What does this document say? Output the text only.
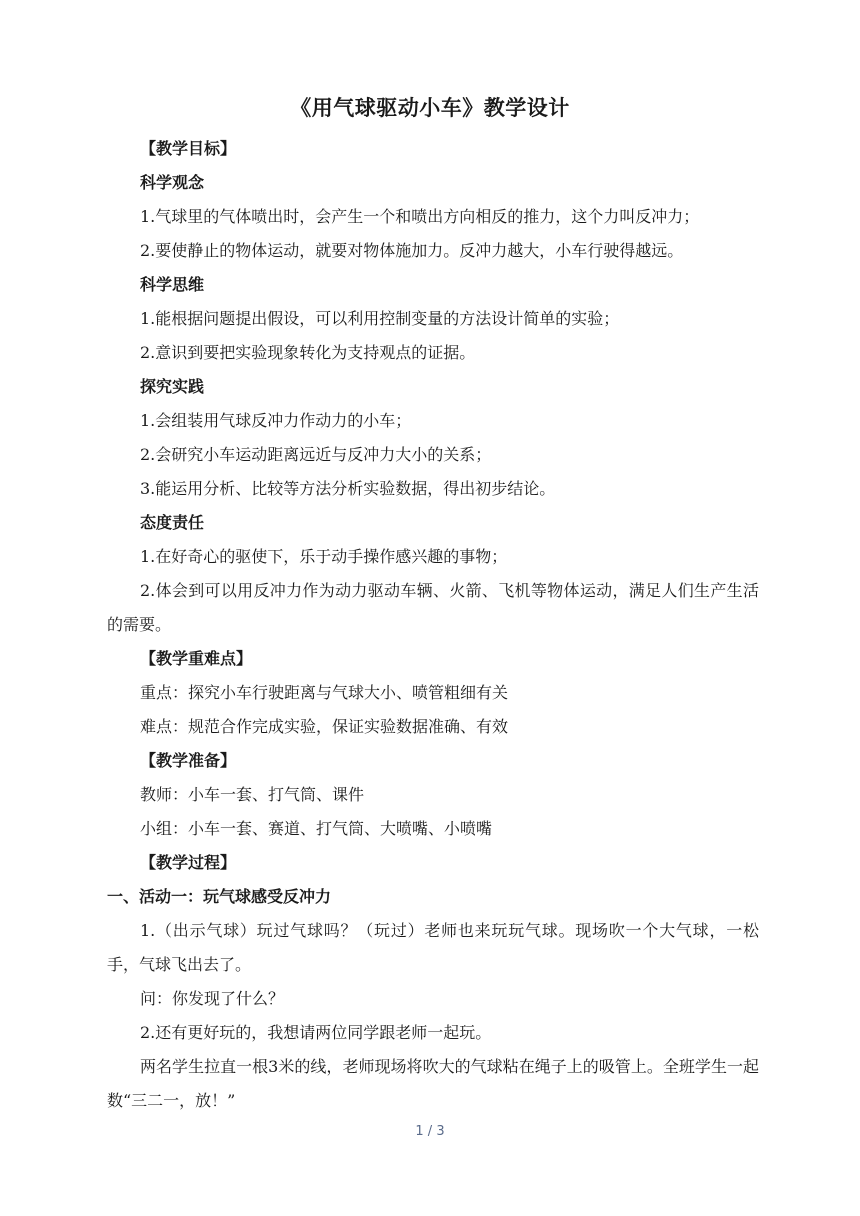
《用气球驱动小车》教学设计
【教学目标】
科学观念
1.气球里的气体喷出时，会产生一个和喷出方向相反的推力，这个力叫反冲力；
2.要使静止的物体运动，就要对物体施加力。反冲力越大，小车行驶得越远。
科学思维
1.能根据问题提出假设，可以利用控制变量的方法设计简单的实验；
2.意识到要把实验现象转化为支持观点的证据。
探究实践
1.会组装用气球反冲力作动力的小车；
2.会研究小车运动距离远近与反冲力大小的关系；
3.能运用分析、比较等方法分析实验数据，得出初步结论。
态度责任
1.在好奇心的驱使下，乐于动手操作感兴趣的事物；

2.体会到可以用反冲力作为动力驱动车辆、火箭、飞机等物体运动，满足人们生产生活的需要。

【教学重难点】
重点：探究小车行驶距离与气球大小、喷管粗细有关
难点：规范合作完成实验，保证实验数据准确、有效
【教学准备】
教师：小车一套、打气筒、课件
小组：小车一套、赛道、打气筒、大喷嘴、小喷嘴
【教学过程】
一、活动一：玩气球感受反冲力

1.（出示气球）玩过气球吗？（玩过）老师也来玩玩气球。现场吹一个大气球，一松手，气球飞出去了。

问：你发现了什么？
2.还有更好玩的，我想请两位同学跟老师一起玩。

两名学生拉直一根3米的线，老师现场将吹大的气球粘在绳子上的吸管上。全班学生一起数“三二一，放！”

1 / 3
